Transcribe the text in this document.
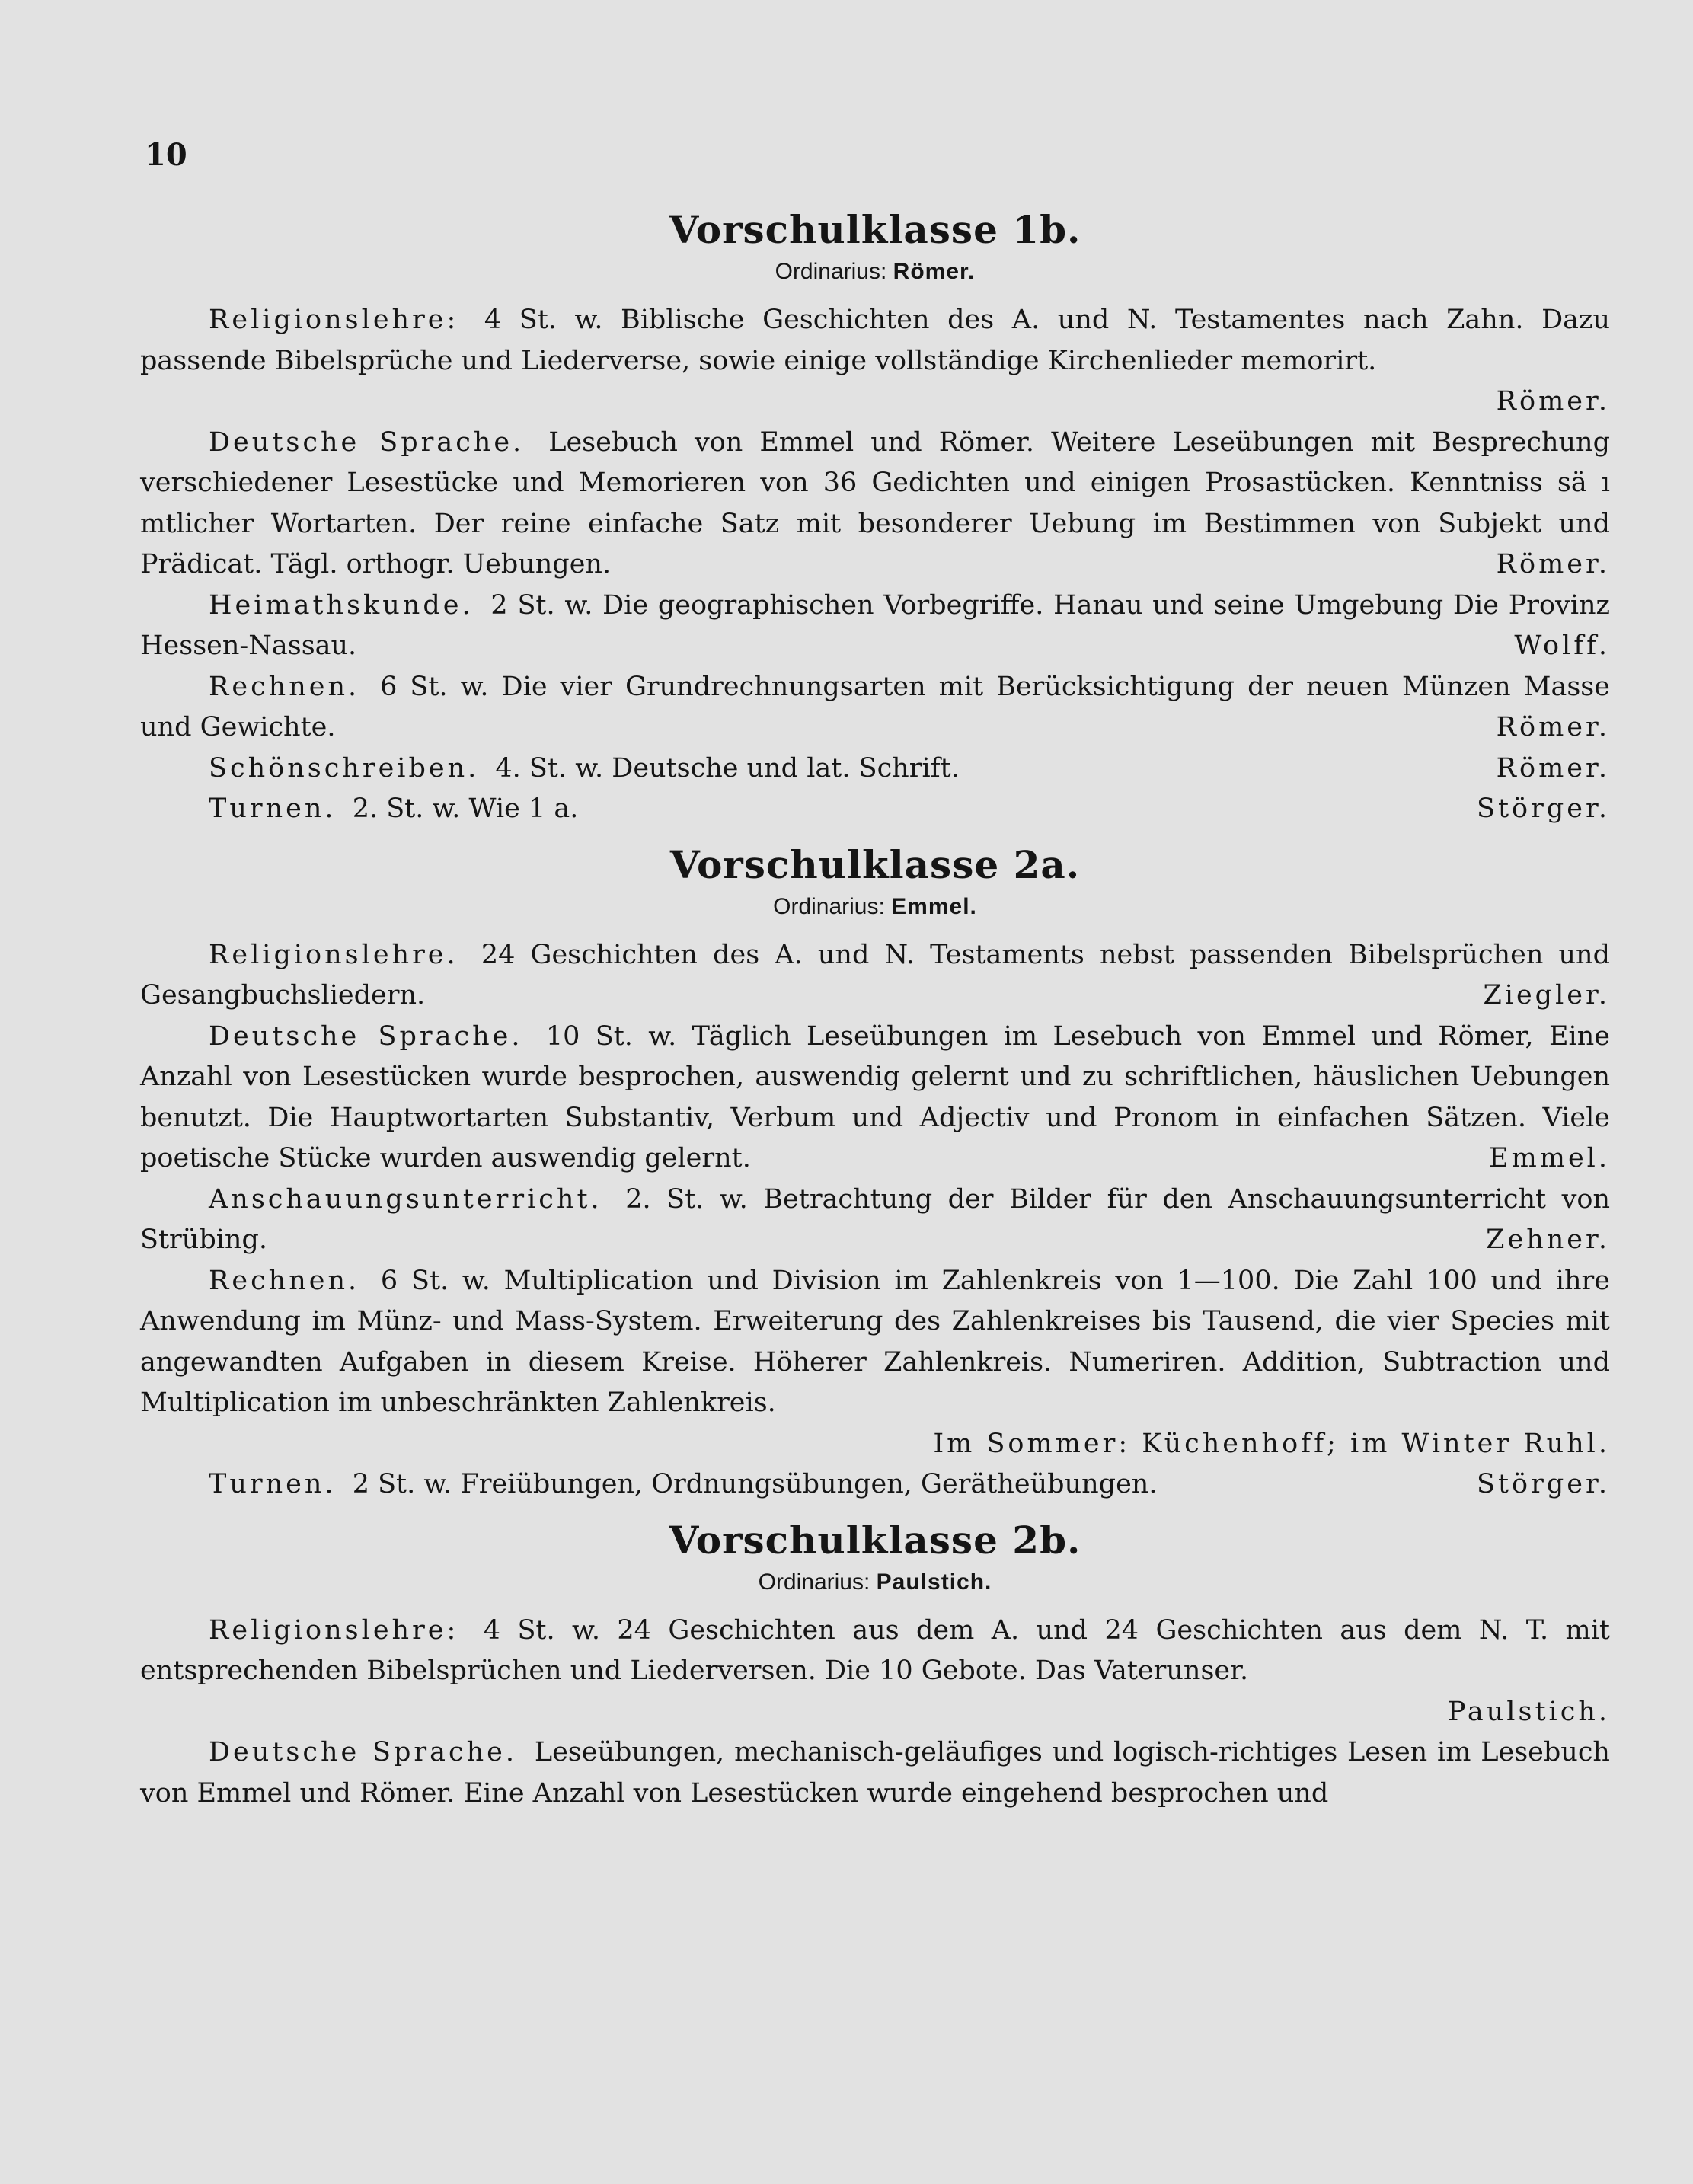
10
Vorschulklasse 1b.
Ordinarius: Römer.

Religionslehre: 4 St. w. Biblische Geschichten des A. und N. Testamentes nach Zahn. Dazu passende Bibelsprüche und Liederverse, sowie einige vollständige Kirchenlieder memorirt.

Römer.

Deutsche Sprache. Lesebuch von Emmel und Römer. Weitere Leseübungen mit Besprechung verschiedener Lesestücke und Memorieren von 36 Gedichten und einigen Prosastücken. Kenntniss sä ı mtlicher Wortarten. Der reine einfache Satz mit besonderer Uebung im Bestimmen von Subjekt und Prädicat. Tägl. orthogr. Uebungen.	Römer.

Heimathskunde. 2 St. w. Die geographischen Vorbegriffe. Hanau und seine Umgebung Die Provinz Hessen-Nassau.	Wolff.

Rechnen. 6 St. w. Die vier Grundrechnungsarten mit Berücksichtigung der neuen Münzen Masse und Gewichte.	Römer.

Schönschreiben. 4. St. w. Deutsche und lat. Schrift.	Römer.

Turnen. 2. St. w. Wie 1 a.	Störger.

Vorschulklasse 2a.
Ordinarius: Emmel.

Religionslehre. 24 Geschichten des A. und N. Testaments nebst passenden Bibelsprüchen und Gesangbuchsliedern.	Ziegler.

Deutsche Sprache. 10 St. w. Täglich Leseübungen im Lesebuch von Emmel und Römer, Eine Anzahl von Lesestücken wurde besprochen, auswendig gelernt und zu schriftlichen, häuslichen Uebungen benutzt. Die Hauptwortarten Substantiv, Verbum und Adjectiv und Pronom in einfachen Sätzen. Viele poetische Stücke wurden auswendig gelernt.	Emmel.

Anschauungsunterricht. 2. St. w. Betrachtung der Bilder für den Anschauungsunterricht von Strübing.	Zehner.

Rechnen. 6 St. w. Multiplication und Division im Zahlenkreis von 1—100. Die Zahl 100 und ihre Anwendung im Münz- und Mass-System. Erweiterung des Zahlenkreises bis Tausend, die vier Species mit angewandten Aufgaben in diesem Kreise. Höherer Zahlenkreis. Numeriren. Addition, Subtraction und Multiplication im unbeschränkten Zahlenkreis.

Im Sommer: Küchenhoff; im Winter Ruhl.

Turnen. 2 St. w. Freiübungen, Ordnungsübungen, Gerätheübungen.	Störger.

Vorschulklasse 2b.
Ordinarius: Paulstich.

Religionslehre: 4 St. w. 24 Geschichten aus dem A. und 24 Geschichten aus dem N. T. mit entsprechenden Bibelsprüchen und Liederversen. Die 10 Gebote. Das Vaterunser.

Paulstich.

Deutsche Sprache. Leseübungen, mechanisch-geläufiges und logisch-richtiges Lesen im Lesebuch von Emmel und Römer. Eine Anzahl von Lesestücken wurde eingehend besprochen und
